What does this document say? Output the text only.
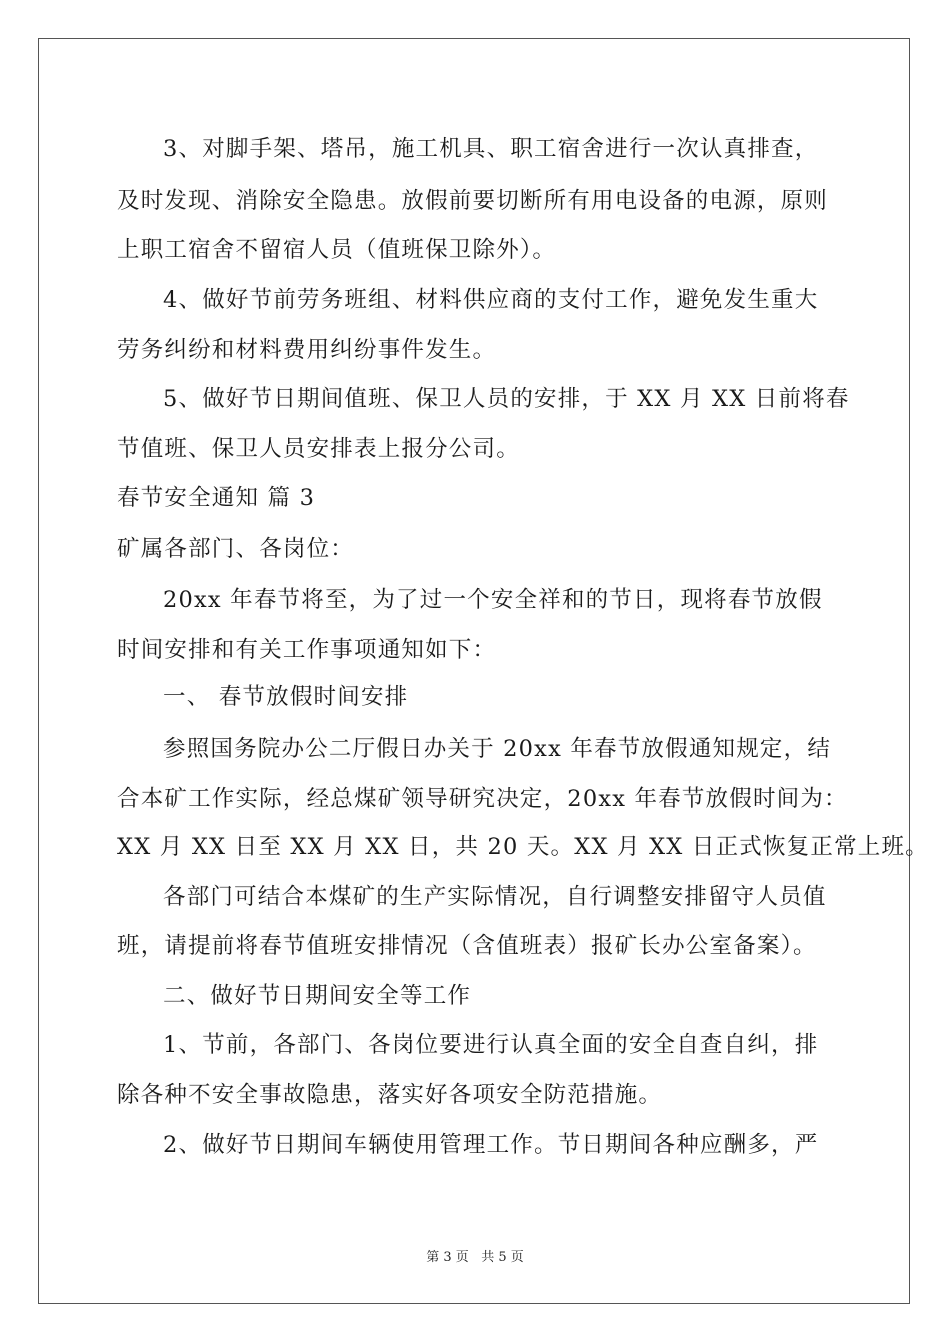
3、对脚手架、塔吊，施工机具、职工宿舍进行一次认真排查，
及时发现、消除安全隐患。放假前要切断所有用电设备的电源，原则
上职工宿舍不留宿人员（值班保卫除外）。
4、做好节前劳务班组、材料供应商的支付工作，避免发生重大
劳务纠纷和材料费用纠纷事件发生。
5、做好节日期间值班、保卫人员的安排，于 XX 月 XX 日前将春
节值班、保卫人员安排表上报分公司。
春节安全通知 篇 3
矿属各部门、各岗位：
20xx 年春节将至，为了过一个安全祥和的节日，现将春节放假
时间安排和有关工作事项通知如下：
一、 春节放假时间安排
参照国务院办公二厅假日办关于 20xx 年春节放假通知规定，结
合本矿工作实际，经总煤矿领导研究决定，20xx 年春节放假时间为：
XX 月 XX 日至 XX 月 XX 日，共 20 天。XX 月 XX 日正式恢复正常上班。
各部门可结合本煤矿的生产实际情况，自行调整安排留守人员值
班，请提前将春节值班安排情况（含值班表）报矿长办公室备案）。
二、做好节日期间安全等工作
1、节前，各部门、各岗位要进行认真全面的安全自查自纠，排
除各种不安全事故隐患，落实好各项安全防范措施。
2、做好节日期间车辆使用管理工作。节日期间各种应酬多，严
第 3 页   共 5 页
